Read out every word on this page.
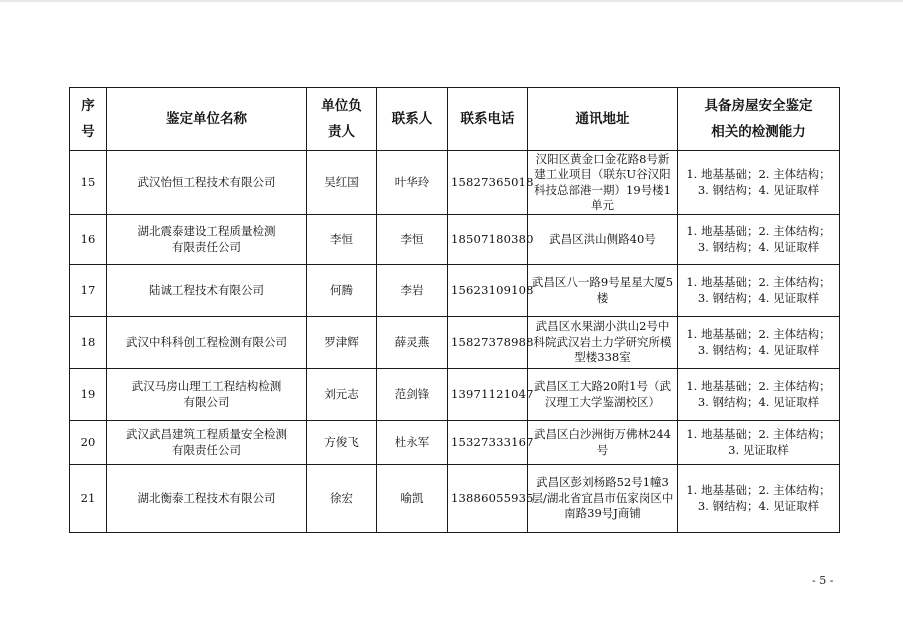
序
号	鉴定单位名称	单位负
责人	联系人	联系电话	通讯地址	具备房屋安全鉴定
相关的检测能力
15	武汉怡恒工程技术有限公司	吴红国	叶华玲	15827365018	汉阳区黄金口金花路8号新建工业项目（联东U谷汉阳科技总部港一期）19号楼1单元	1. 地基基础；2. 主体结构；
3. 钢结构；4. 见证取样

16	湖北震泰建设工程质量检测
有限责任公司	李恒	李恒	18507180380	武昌区洪山侧路40号	1. 地基基础；2. 主体结构；
3. 钢结构；4. 见证取样

17	陆诚工程技术有限公司	何腾	李岩	15623109108	武昌区八一路9号星星大厦5楼	1. 地基基础；2. 主体结构；
3. 钢结构；4. 见证取样

18	武汉中科科创工程检测有限公司	罗津辉	薛灵燕	15827378988	武昌区水果湖小洪山2号中科院武汉岩土力学研究所模型楼338室	1. 地基基础；2. 主体结构；
3. 钢结构；4. 见证取样

19	武汉马房山理工工程结构检测
有限公司	刘元志	范剑锋	13971121047	武昌区工大路20附1号（武汉理工大学鉴湖校区）	1. 地基基础；2. 主体结构；
3. 钢结构；4. 见证取样

20	武汉武昌建筑工程质量安全检测
有限责任公司	方俊飞	杜永军	15327333167	武昌区白沙洲街万佛林244号	1. 地基基础；2. 主体结构；
3. 见证取样

21	湖北衡泰工程技术有限公司	徐宏	喻凯	13886055935	武昌区彭刘杨路52号1幢3层/湖北省宜昌市伍家岗区中南路39号J商铺	1. 地基基础；2. 主体结构；
3. 钢结构；4. 见证取样
- 5 -
